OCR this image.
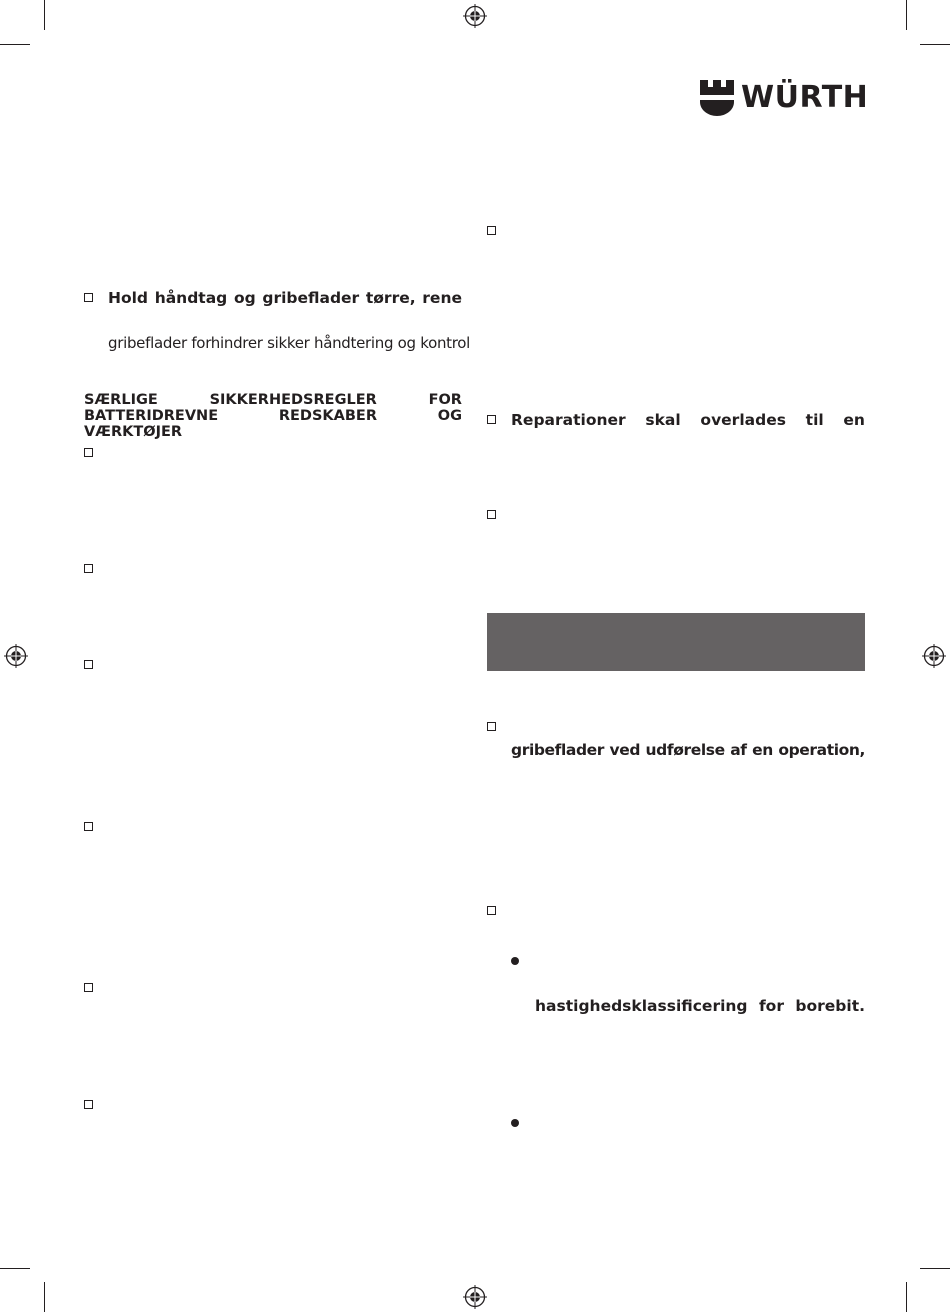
WÜRTH
Hold håndtag og gribeflader tørre, rene
gribeflader forhindrer sikker håndtering og kontrol
SÆRLIGE	SIKKERHEDSREGLER	FOR
BATTERIDREVNE	REDSKABER	OG
VÆRKTØJER
Reparationer skal overlades til en
gribeflader ved udførelse af en operation,
hastighedsklassificering for borebit.
